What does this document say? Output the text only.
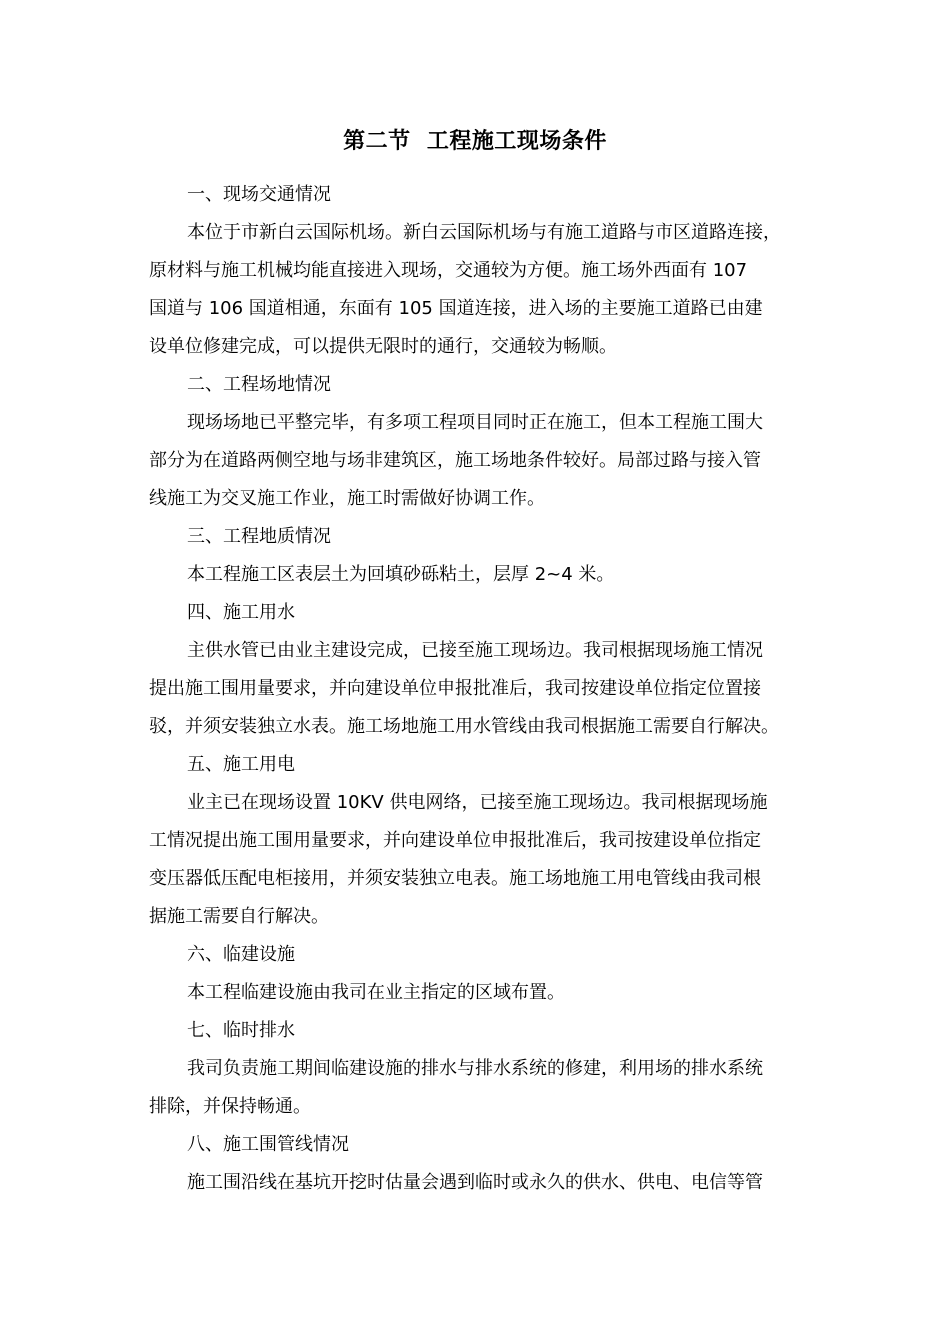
第二节  工程施工现场条件
一、现场交通情况
本位于市新白云国际机场。新白云国际机场与有施工道路与市区道路连接，
原材料与施工机械均能直接进入现场，交通较为方便。施工场外西面有 107
国道与 106 国道相通，东面有 105 国道连接，进入场的主要施工道路已由建
设单位修建完成，可以提供无限时的通行，交通较为畅顺。
二、工程场地情况
现场场地已平整完毕，有多项工程项目同时正在施工，但本工程施工围大
部分为在道路两侧空地与场非建筑区，施工场地条件较好。局部过路与接入管
线施工为交叉施工作业，施工时需做好协调工作。
三、工程地质情况
本工程施工区表层土为回填砂砾粘土，层厚 2~4 米。
四、施工用水
主供水管已由业主建设完成，已接至施工现场边。我司根据现场施工情况
提出施工围用量要求，并向建设单位申报批准后，我司按建设单位指定位置接
驳，并须安装独立水表。施工场地施工用水管线由我司根据施工需要自行解决。
五、施工用电
业主已在现场设置 10KV 供电网络，已接至施工现场边。我司根据现场施
工情况提出施工围用量要求，并向建设单位申报批准后，我司按建设单位指定
变压器低压配电柜接用，并须安装独立电表。施工场地施工用电管线由我司根
据施工需要自行解决。
六、临建设施
本工程临建设施由我司在业主指定的区域布置。
七、临时排水
我司负责施工期间临建设施的排水与排水系统的修建，利用场的排水系统
排除，并保持畅通。
八、施工围管线情况
施工围沿线在基坑开挖时估量会遇到临时或永久的供水、供电、电信等管
